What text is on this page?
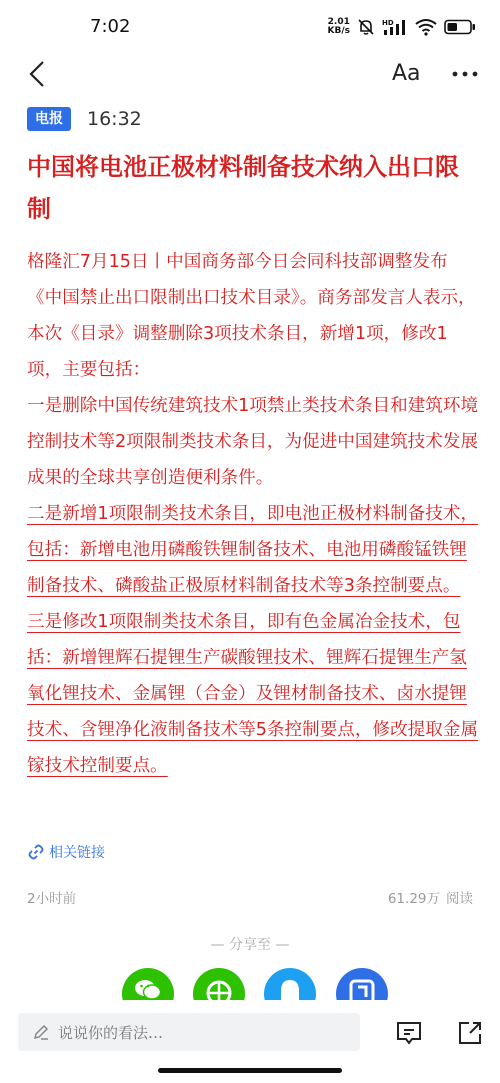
7:02	2.01
KB/s
HD
Aa
电报	16:32
中国将电池正极材料制备技术纳入出口限制

格隆汇7月15日丨中国商务部今日会同科技部调整发布《中国禁止出口限制出口技术目录》。商务部发言人表示，本次《目录》调整删除3项技术条目，新增1项，修改1项，主要包括：

一是删除中国传统建筑技术1项禁止类技术条目和建筑环境控制技术等2项限制类技术条目，为促进中国建筑技术发展成果的全球共享创造便利条件。

二是新增1项限制类技术条目，即电池正极材料制备技术，包括：新增电池用磷酸铁锂制备技术、电池用磷酸锰铁锂制备技术、磷酸盐正极原材料制备技术等3条控制要点。

三是修改1项限制类技术条目，即有色金属冶金技术，包括：新增锂辉石提锂生产碳酸锂技术、锂辉石提锂生产氢氧化锂技术、金属锂（合金）及锂材制备技术、卤水提锂技术、含锂净化液制备技术等5条控制要点，修改提取金属镓技术控制要点。

相关链接
2小时前	61.29万 阅读
— 分享至 —
说说你的看法…
